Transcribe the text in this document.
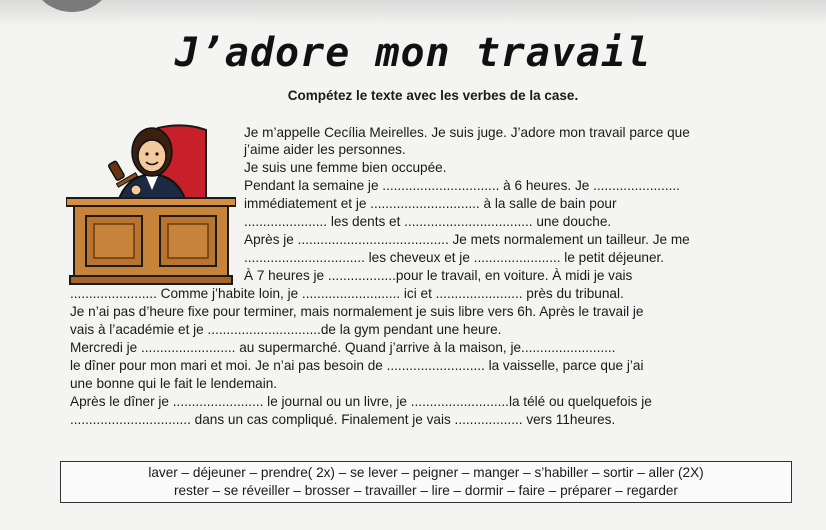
J’adore mon travail
Compétez le texte avec les verbes de la case.
Je m’appelle Cecília Meirelles. Je suis juge. J’adore mon travail parce que
j’aime aider les personnes.
Je suis une femme bien occupée.
Pendant la semaine je ............................... à 6 heures. Je .......................
immédiatement et je ............................. à la salle de bain pour
...................... les dents et .................................. une douche.
Après je ........................................ Je mets normalement un tailleur. Je me
................................ les cheveux et je ....................... le petit déjeuner.
À 7 heures je ..................pour le travail, en voiture. À midi je vais
....................... Comme j’habite loin, je .......................... ici et ....................... près du tribunal.
Je n’ai pas d’heure fixe pour terminer, mais normalement je suis libre vers 6h. Après le travail je
vais à l’académie et je ..............................de la gym pendant une heure.
Mercredi je ......................... au supermarché. Quand j’arrive à la maison, je.........................
le dîner pour mon mari et moi. Je n’ai pas besoin de .......................... la vaisselle, parce que j’ai
une bonne qui le fait le lendemain.
Après le dîner je ........................ le journal ou un livre, je ..........................la télé ou quelquefois je
................................ dans un cas compliqué. Finalement je vais .................. vers 11heures.
laver – déjeuner – prendre( 2x) – se lever – peigner – manger – s’habiller – sortir – aller (2X)
rester – se réveiller – brosser – travailler – lire – dormir – faire – préparer – regarder
